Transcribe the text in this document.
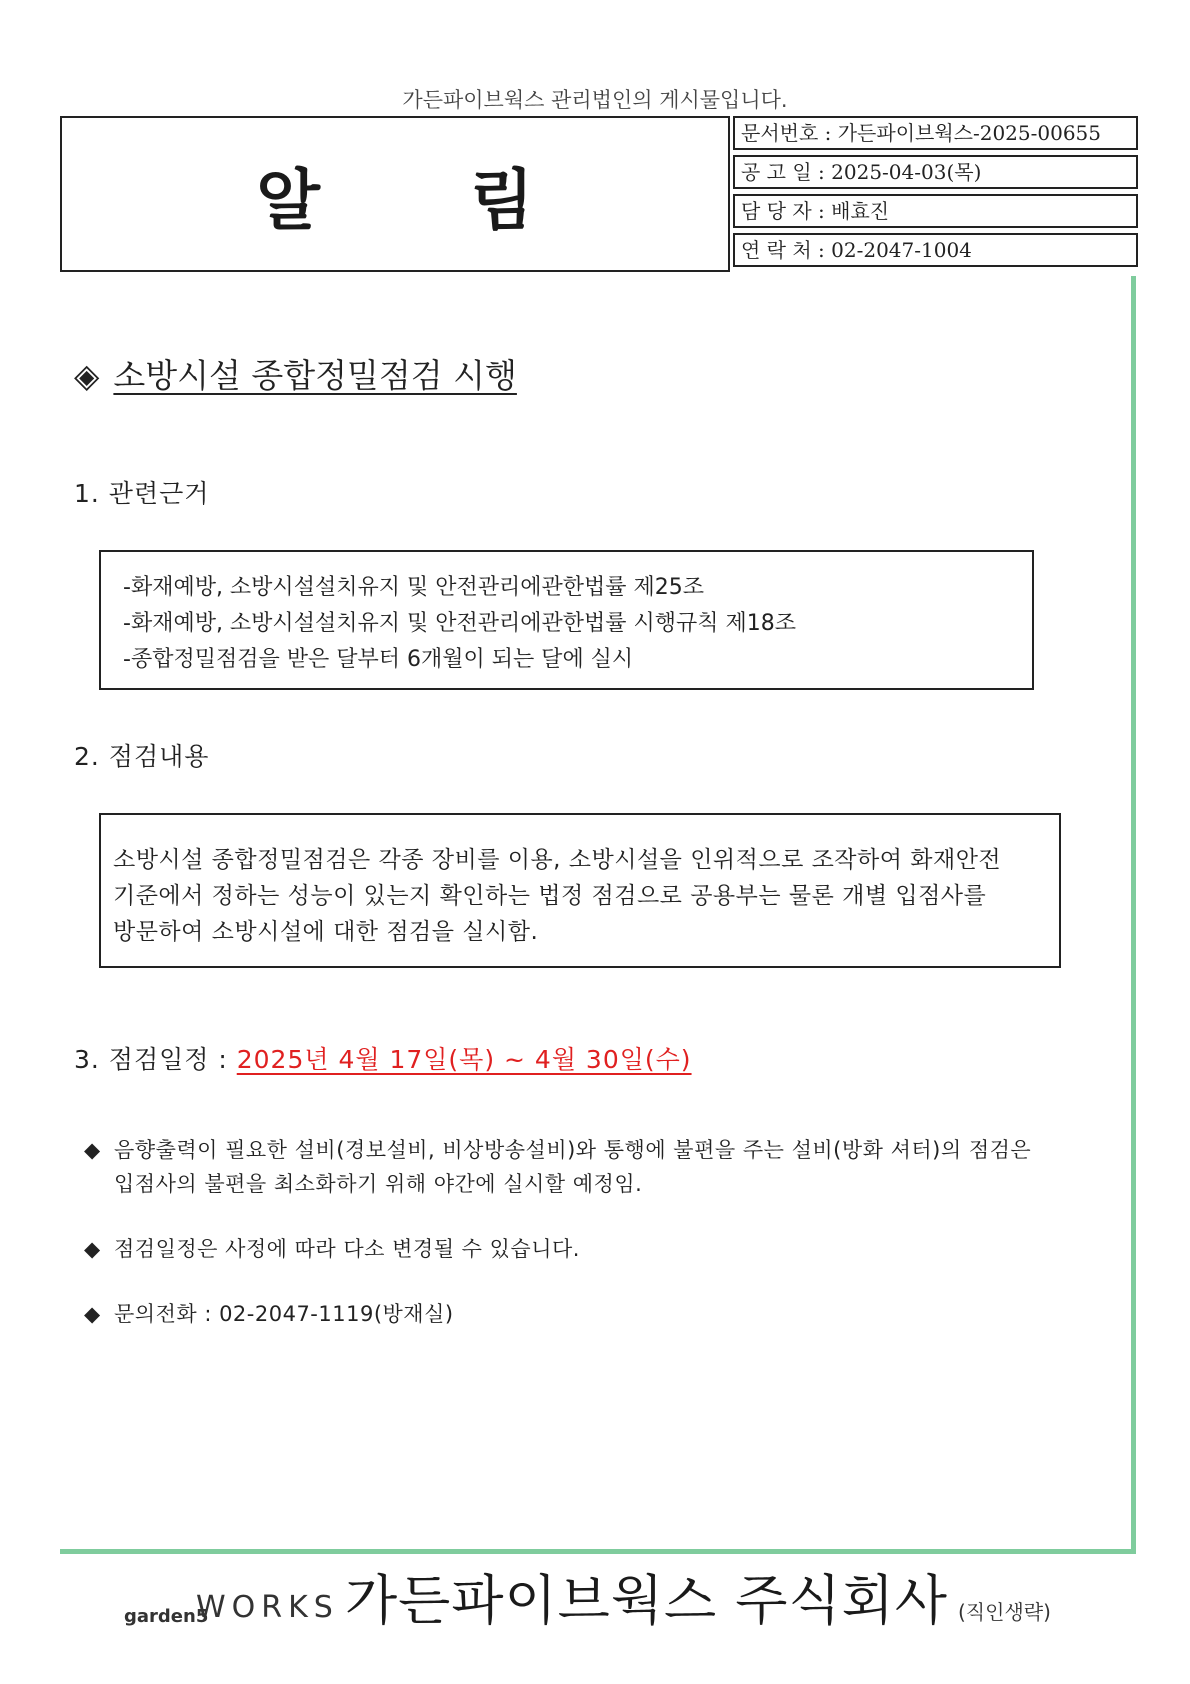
가든파이브웍스 관리법인의 게시물입니다.
알 림
문서번호 : 가든파이브웍스-2025-00655
공 고 일 : 2025-04-03(목)
담 당 자 : 배효진
연 락 처 : 02-2047-1004
◈ 소방시설 종합정밀점검 시행
1. 관련근거
-화재예방, 소방시설설치유지 및 안전관리에관한법률 제25조
-화재예방, 소방시설설치유지 및 안전관리에관한법률 시행규칙 제18조
-종합정밀점검을 받은 달부터 6개월이 되는 달에 실시
2. 점검내용
소방시설 종합정밀점검은 각종 장비를 이용, 소방시설을 인위적으로 조작하여 화재안전
기준에서 정하는 성능이 있는지 확인하는 법정 점검으로 공용부는 물론 개별 입점사를
방문하여 소방시설에 대한 점검을 실시함.
3. 점검일정 : 2025년 4월 17일(목) ~ 4월 30일(수)
◆ 음향출력이 필요한 설비(경보설비, 비상방송설비)와 통행에 불편을 주는 설비(방화 셔터)의 점검은
입점사의 불편을 최소화하기 위해 야간에 실시할 예정임.
◆ 점검일정은 사정에 따라 다소 변경될 수 있습니다.
◆ 문의전화 : 02-2047-1119(방재실)
garden5
WORKS 가든파이브웍스 주식회사 (직인생략)
